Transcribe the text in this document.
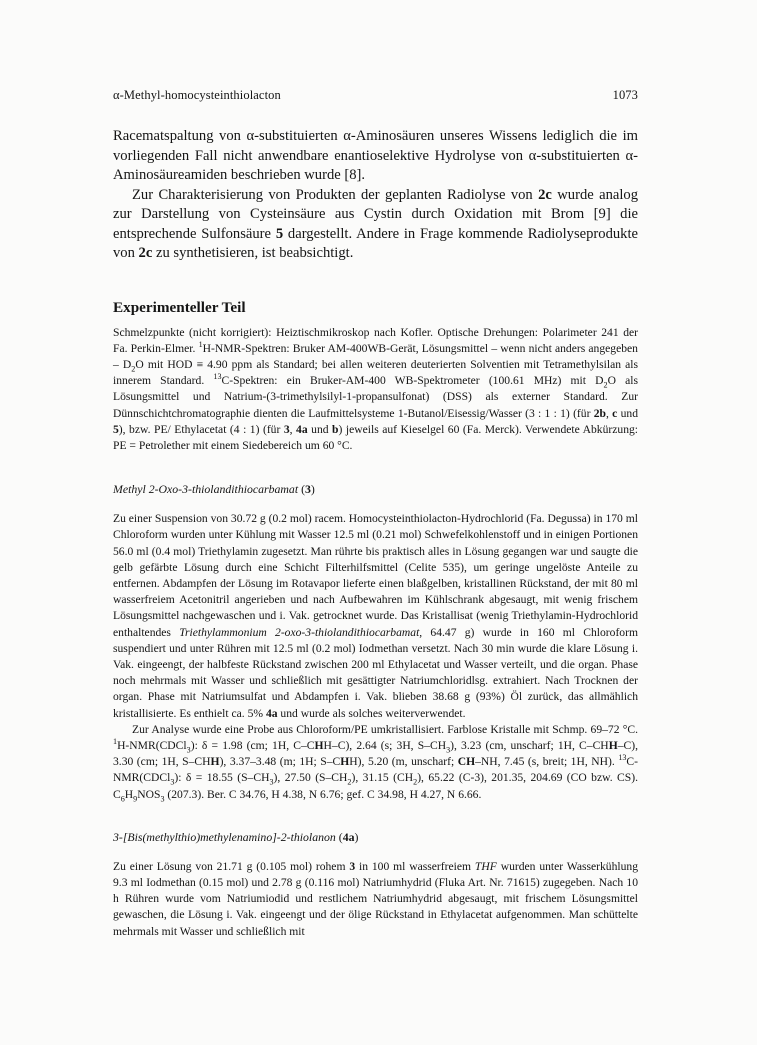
α-Methyl-homocysteinthiolacton	1073

Racematspaltung von α-substituierten α-Aminosäuren unseres Wissens lediglich die im vorliegenden Fall nicht anwendbare enantioselektive Hydrolyse von α-substituierten α-Aminosäureamiden beschrieben wurde [8].

Zur Charakterisierung von Produkten der geplanten Radiolyse von 2c wurde analog zur Darstellung von Cysteinsäure aus Cystin durch Oxidation mit Brom [9] die entsprechende Sulfonsäure 5 dargestellt. Andere in Frage kommende Radiolyseprodukte von 2c zu synthetisieren, ist beabsichtigt.

Experimenteller Teil

Schmelzpunkte (nicht korrigiert): Heiztischmikroskop nach Kofler. Optische Drehungen: Polarimeter 241 der Fa. Perkin-Elmer. $^1$H-NMR-Spektren: Bruker AM-400WB-Gerät, Lösungsmittel – wenn nicht anders angegeben – $D_2O$ mit HOD ≡ 4.90 ppm als Standard; bei allen weiteren deuterierten Solventien mit Tetramethylsilan als innerem Standard. $^{13}$C-Spektren: ein Bruker-AM-400 WB-Spektrometer (100.61 MHz) mit $D_2O$ als Lösungsmittel und Natrium-(3-trimethylsilyl-1-propansulfonat) (DSS) als externer Standard. Zur Dünnschichtchromatographie dienten die Laufmittelsysteme 1-Butanol/Eisessig/Wasser (3 : 1 : 1) (für 2b, c und 5), bzw. PE/ Ethylacetat (4 : 1) (für 3, 4a und b) jeweils auf Kieselgel 60 (Fa. Merck). Verwendete Abkürzung: PE = Petrolether mit einem Siedebereich um 60 °C.

Methyl 2-Oxo-3-thiolandithiocarbamat (3)

Zu einer Suspension von 30.72 g (0.2 mol) racem. Homocysteinthiolacton-Hydrochlorid (Fa. Degussa) in 170 ml Chloroform wurden unter Kühlung mit Wasser 12.5 ml (0.21 mol) Schwefelkohlenstoff und in einigen Portionen 56.0 ml (0.4 mol) Triethylamin zugesetzt. Man rührte bis praktisch alles in Lösung gegangen war und saugte die gelb gefärbte Lösung durch eine Schicht Filterhilfsmittel (Celite 535), um geringe ungelöste Anteile zu entfernen. Abdampfen der Lösung im Rotavapor lieferte einen blaßgelben, kristallinen Rückstand, der mit 80 ml wasserfreiem Acetonitril angerieben und nach Aufbewahren im Kühlschrank abgesaugt, mit wenig frischem Lösungsmittel nachgewaschen und i. Vak. getrocknet wurde. Das Kristallisat (wenig Triethylamin-Hydrochlorid enthaltendes Triethylammonium 2-oxo-3-thiolandithiocarbamat, 64.47 g) wurde in 160 ml Chloroform suspendiert und unter Rühren mit 12.5 ml (0.2 mol) Iodmethan versetzt. Nach 30 min wurde die klare Lösung i. Vak. eingeengt, der halbfeste Rückstand zwischen 200 ml Ethylacetat und Wasser verteilt, und die organ. Phase noch mehrmals mit Wasser und schließlich mit gesättigter Natriumchloridlsg. extrahiert. Nach Trocknen der organ. Phase mit Natriumsulfat und Abdampfen i. Vak. blieben 38.68 g (93%) Öl zurück, das allmählich kristallisierte. Es enthielt ca. 5% 4a und wurde als solches weiterverwendet.

Zur Analyse wurde eine Probe aus Chloroform/PE umkristallisiert. Farblose Kristalle mit Schmp. 69–72 °C. $^1$H-NMR(CDCl$_3$): δ = 1.98 (cm; 1H, C–CHH–C), 2.64 (s; 3H, $S-CH_3$), 3.23 (cm, unscharf; 1H, C–CHH–C), 3.30 (cm; 1H, S–CHH), 3.37–3.48 (m; 1H; S–CHH), 5.20 (m, unscharf; CH–NH, 7.45 (s, breit; 1H, NH). $^{13}$C-NMR(CDCl$_3$): δ = 18.55 $(S-CH_3)$, 27.50 $(S-CH_2)$, 31.15 $(CH_2)$, 65.22 (C-3), 201.35, 204.69 (CO bzw. CS). $C_6H_9NOS_3$ (207.3). Ber. C 34.76, H 4.38, N 6.76; gef. C 34.98, H 4.27, N 6.66.

3-[Bis(methylthio)methylenamino]-2-thiolanon (4a)

Zu einer Lösung von 21.71 g (0.105 mol) rohem 3 in 100 ml wasserfreiem THF wurden unter Wasserkühlung 9.3 ml Iodmethan (0.15 mol) und 2.78 g (0.116 mol) Natriumhydrid (Fluka Art. Nr. 71615) zugegeben. Nach 10 h Rühren wurde vom Natriumiodid und restlichem Natriumhydrid abgesaugt, mit frischem Lösungsmittel gewaschen, die Lösung i. Vak. eingeengt und der ölige Rückstand in Ethylacetat aufgenommen. Man schüttelte mehrmals mit Wasser und schließlich mit
